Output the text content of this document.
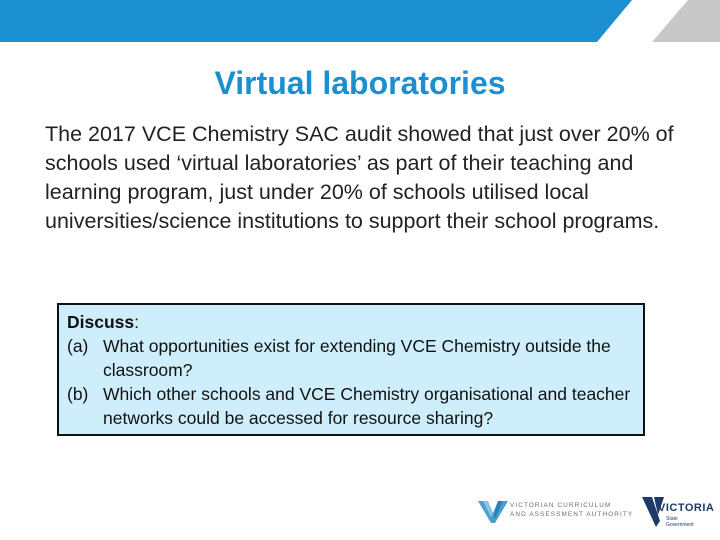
Virtual laboratories
The 2017 VCE Chemistry SAC audit showed that just over 20% of schools used ‘virtual laboratories’ as part of their teaching and learning program, just under 20% of schools utilised local universities/science institutions to support their school programs.
Discuss:
(a) What opportunities exist for extending VCE Chemistry outside the classroom?
(b) Which other schools and VCE Chemistry organisational and teacher networks could be accessed for resource sharing?
VICTORIAN CURRICULUM
AND ASSESSMENT AUTHORITY
VICTORIA
State
Government
